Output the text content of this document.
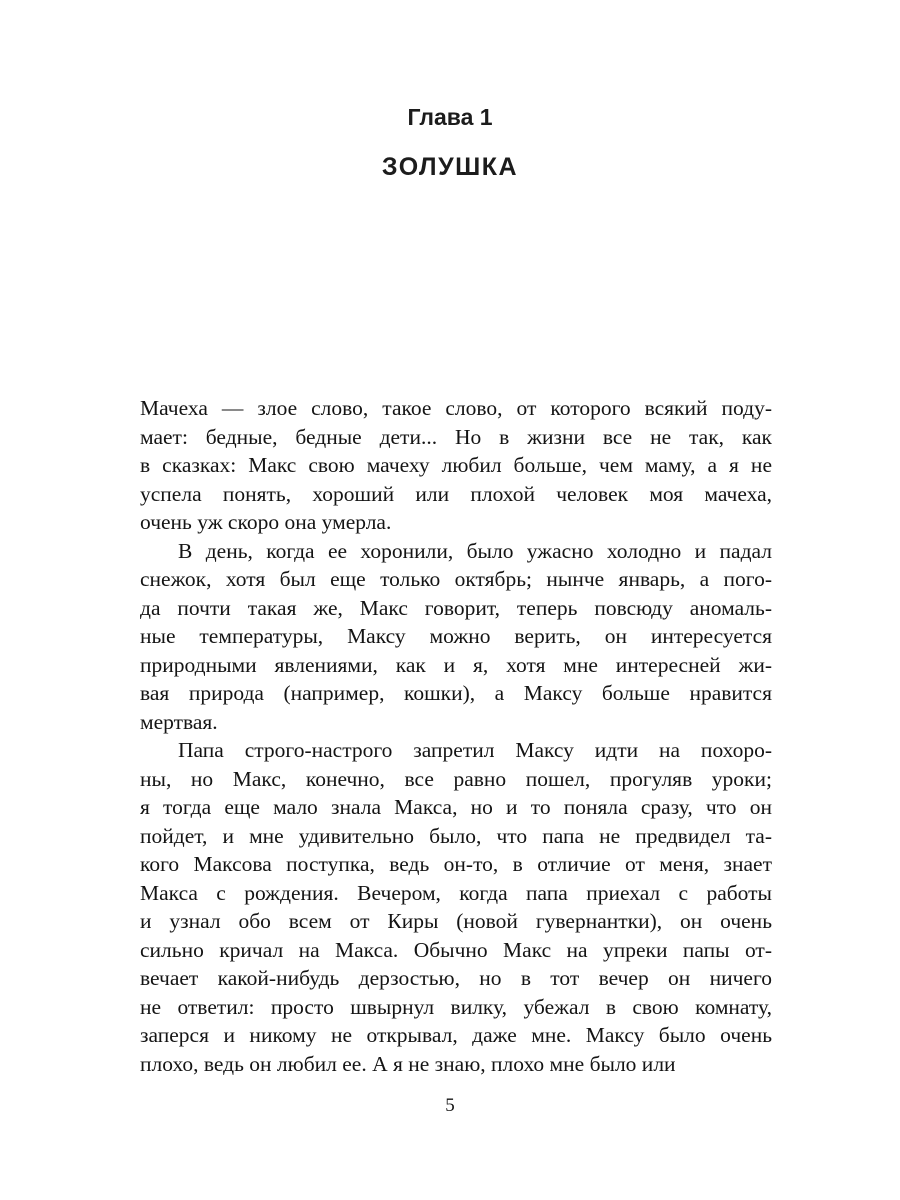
Глава 1
ЗОЛУШКА
Мачеха — злое слово, такое слово, от которого всякий поду-
мает: бедные, бедные дети... Но в жизни все не так, как
в сказках: Макс свою мачеху любил больше, чем маму, а я не
успела понять, хороший или плохой человек моя мачеха,
очень уж скоро она умерла.
В день, когда ее хоронили, было ужасно холодно и падал
снежок, хотя был еще только октябрь; нынче январь, а пого-
да почти такая же, Макс говорит, теперь повсюду аномаль-
ные температуры, Максу можно верить, он интересуется
природными явлениями, как и я, хотя мне интересней жи-
вая природа (например, кошки), а Максу больше нравится
мертвая.
Папа строго-настрого запретил Максу идти на похоро-
ны, но Макс, конечно, все равно пошел, прогуляв уроки;
я тогда еще мало знала Макса, но и то поняла сразу, что он
пойдет, и мне удивительно было, что папа не предвидел та-
кого Максова поступка, ведь он-то, в отличие от меня, знает
Макса с рождения. Вечером, когда папа приехал с работы
и узнал обо всем от Киры (новой гувернантки), он очень
сильно кричал на Макса. Обычно Макс на упреки папы от-
вечает какой-нибудь дерзостью, но в тот вечер он ничего
не ответил: просто швырнул вилку, убежал в свою комнату,
заперся и никому не открывал, даже мне. Максу было очень
плохо, ведь он любил ее. А я не знаю, плохо мне было или
5
